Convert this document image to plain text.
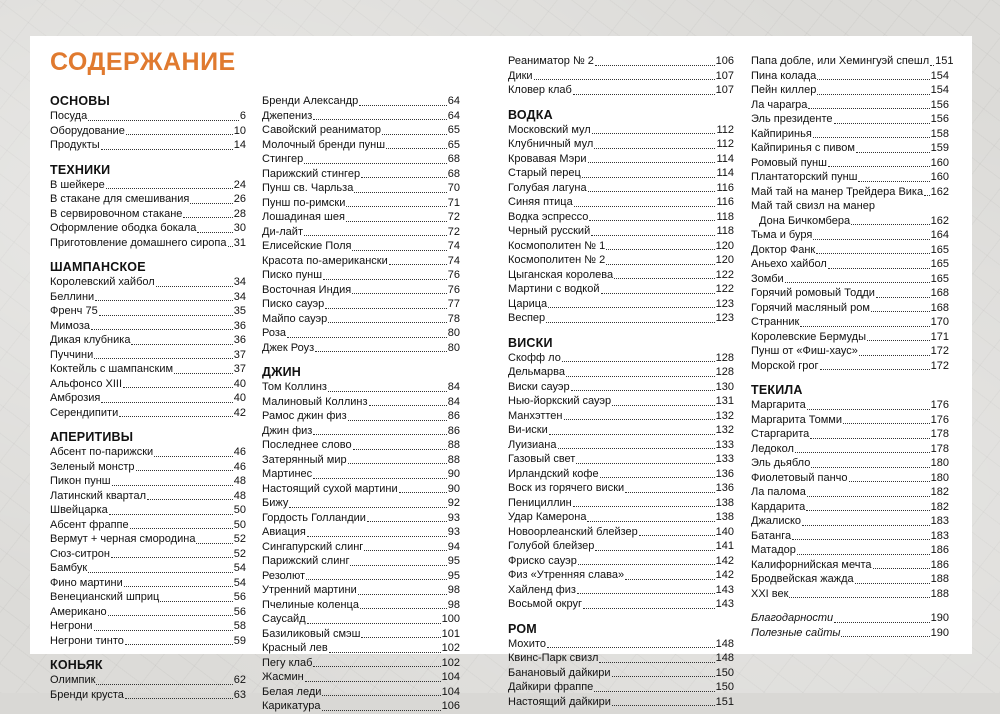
СОДЕРЖАНИЕ
ОСНОВЫ
Посуда	6
Оборудование	10
Продукты	14
ТЕХНИКИ
В шейкере	24
В стакане для смешивания	26
В сервировочном стакане	28
Оформление ободка бокала	30
Приготовление домашнего сиропа 31
ШАМПАНСКОЕ
Королевский хайбол	34
Беллини	34
Френч 75	35
Мимоза	36
Дикая клубника	36
Пуччини	37
Коктейль с шампанским	37
Альфонсо XIII	40
Амброзия	40
Серендипити	42
АПЕРИТИВЫ
Абсент по-парижски	46
Зеленый монстр	46
Пикон пунш	48
Латинский квартал	48
Швейцарка	50
Абсент фраппе	50
Вермут + черная смородина	52
Сюз-ситрон	52
Бамбук	54
Фино мартини	54
Венецианский шприц	56
Американо	56
Негрони	58
Негрони тинто	59
КОНЬЯК
Олимпик	62
Бренди круста	63
Бренди Александр	64
Джепениз	64
Савойский реаниматор	65
Молочный бренди пунш	65
Стингер	68
Парижский стингер	68
Пунш св. Чарльза	70
Пунш по-римски	71
Лошадиная шея	72
Ди-лайт	72
Елисейские Поля	74
Красота по-американски	74
Писко пунш	76
Восточная Индия	76
Писко сауэр	77
Майпо сауэр	78
Роза	80
Джек Роуз	80
ДЖИН
Том Коллинз	84
Малиновый Коллинз	84
Рамос джин физ	86
Джин физ	86
Последнее слово	88
Затерянный мир	88
Мартинес	90
Настоящий сухой мартини	90
Бижу	92
Гордость Голландии	93
Авиация	93
Сингапурский слинг	94
Парижский слинг	95
Резолют	95
Утренний мартини	98
Пчелиные коленца	98
Саусайд	100
Базиликовый смэш	101
Красный лев	102
Пегу клаб	102
Жасмин	104
Белая леди	104
Карикатура	106
Реаниматор № 2	106
Дики	107
Кловер клаб	107
ВОДКА
Московский мул	112
Клубничный мул	112
Кровавая Мэри	114
Старый перец	114
Голубая лагуна	116
Синяя птица	116
Водка эспрессо	118
Черный русский	118
Космополитен № 1	120
Космополитен № 2	120
Цыганская королева	122
Мартини с водкой	122
Царица	123
Веспер	123
ВИСКИ
Скофф ло	128
Дельмарва	128
Виски сауэр	130
Нью-йоркский сауэр	131
Манхэттен	132
Ви-иски	132
Луизиана	133
Газовый свет	133
Ирландский кофе	136
Воск из горячего виски	136
Пенициллин	138
Удар Камерона	138
Новоорлеанский блейзер	140
Голубой блейзер	141
Фриско сауэр	142
Физ «Утренняя слава»	142
Хайленд физ	143
Восьмой округ	143
РОМ
Мохито	148
Квинс-Парк свизл	148
Банановый дайкири	150
Дайкири фраппе	150
Настоящий дайкири	151
Папа добле, или Хемингуэй спешл 151
Пина колада	154
Пейн киллер	154
Ла чаparра	156
Эль президенте	156
Кайпиринья	158
Кайпиринья с пивом	159
Ромовый пунш	160
Плантаторский пунш	160
Май тай на манер Трейдера Вика 162
Май тай свизл на манер
Дона Бичкомбера	162
Тьма и буря	164
Доктор Фанк	165
Аньехо хайбол	165
Зомби	165
Горячий ромовый Тодди	168
Горячий масляный ром	168
Странник	170
Королевские Бермуды	171
Пунш от «Фиш-хаус»	172
Морской грог	172
ТЕКИЛА
Маргарита	176
Маргарита Томми	176
Старгарита	178
Ледокол	178
Эль дьябло	180
Фиолетовый панчо	180
Ла палома	182
Кардарита	182
Джалиско	183
Батанга	183
Матадор	186
Калифорнийская мечта	186
Бродвейская жажда	188
XXI век	188
Благодарности	190
Полезные сайты	190
